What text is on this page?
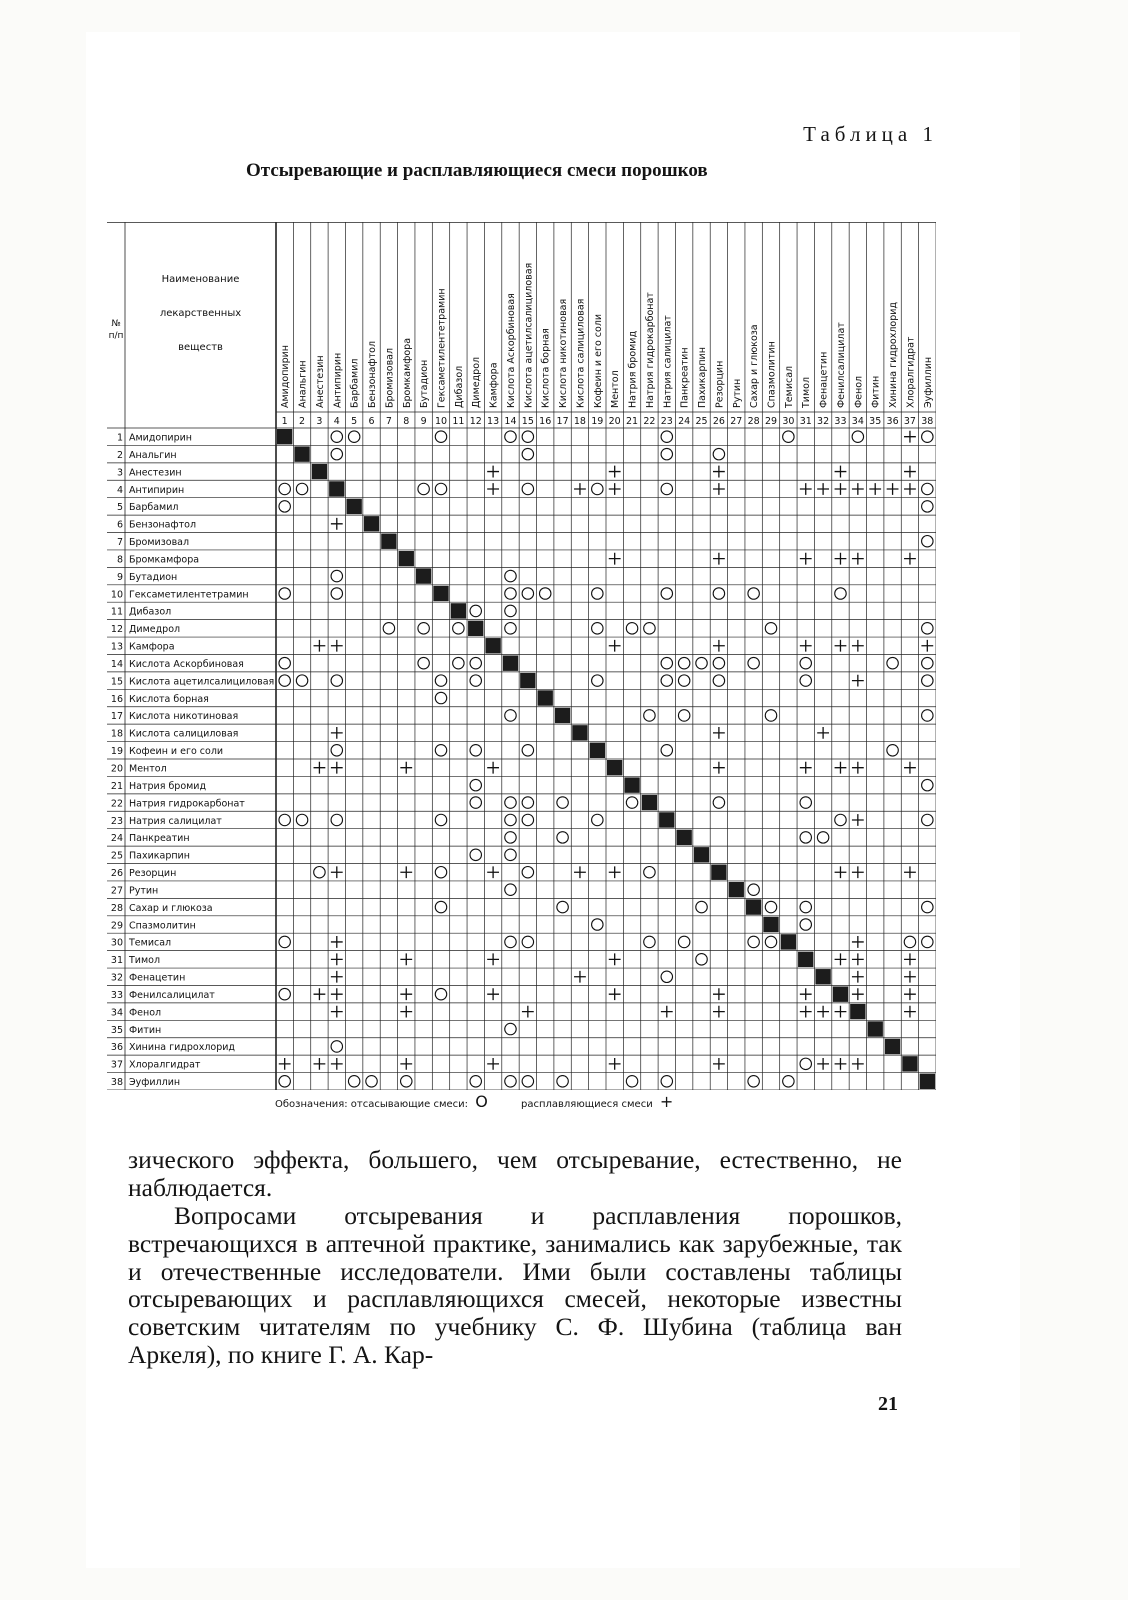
Таблица 1
Отсыревающие и расплавляющиеся смеси порошков
Наименование
лекарственных
веществ
№
п/п
Амидопирин
1
Анальгин
2
Анестезин
3
Антипирин
4
Барбамил
5
Бензонафтол
6
Бромизовал
7
Бромкамфора
8
Бутадион
9
Гексаметилентетрамин
10
Дибазол
11
Димедрол
12
Камфора
13
Кислота Аскорбиновая
14
Кислота ацетилсалициловая
15
Кислота борная
16
Кислота никотиновая
17
Кислота салициловая
18
Кофеин и его соли
19
Ментол
20
Натрия бромид
21
Натрия гидрокарбонат
22
Натрия салицилат
23
Панкреатин
24
Пахикарпин
25
Резорцин
26
Рутин
27
Сахар и глюкоза
28
Спазмолитин
29
Темисал
30
Тимол
31
Фенацетин
32
Фенилсалицилат
33
Фенол
34
Фитин
35
Хинина гидрохлорид
36
Хлоралгидрат
37
Эуфиллин
38
1 Амидопирин
2 Анальгин
3 Анестезин
4 Антипирин
5 Барбамил
6 Бензонафтол
7 Бромизовал
8 Бромкамфора
9 Бутадион
10 Гексаметилентетрамин
11 Дибазол
12 Димедрол
13 Камфора
14 Кислота Аскорбиновая
15 Кислота ацетилсалициловая
16 Кислота борная
17 Кислота никотиновая
18 Кислота салициловая
19 Кофеин и его соли
20 Ментол
21 Натрия бромид
22 Натрия гидрокарбонат
23 Натрия салицилат
24 Панкреатин
25 Пахикарпин
26 Резорцин
27 Рутин
28 Сахар и глюкоза
29 Спазмолитин
30 Темисал
31 Тимол
32 Фенацетин
33 Фенилсалицилат
34 Фенол
35 Фитин
36 Хинина гидрохлорид
37 Хлоралгидрат
38 Эуфиллин

Обозначения: отсасывающие смеси: O	расплавляющиеся смеси +

зического эффекта, большего, чем отсыревание, естественно, не наблюдается.

Вопросами отсыревания и расплавления порошков, встречающихся в аптечной практике, занимались как зарубежные, так и отечественные исследователи. Ими были составлены таблицы отсыревающих и расплавляющихся смесей, некоторые известны советским читателям по учебнику С. Ф. Шубина (таблица ван Аркеля), по книге Г. А. Кар-

21
